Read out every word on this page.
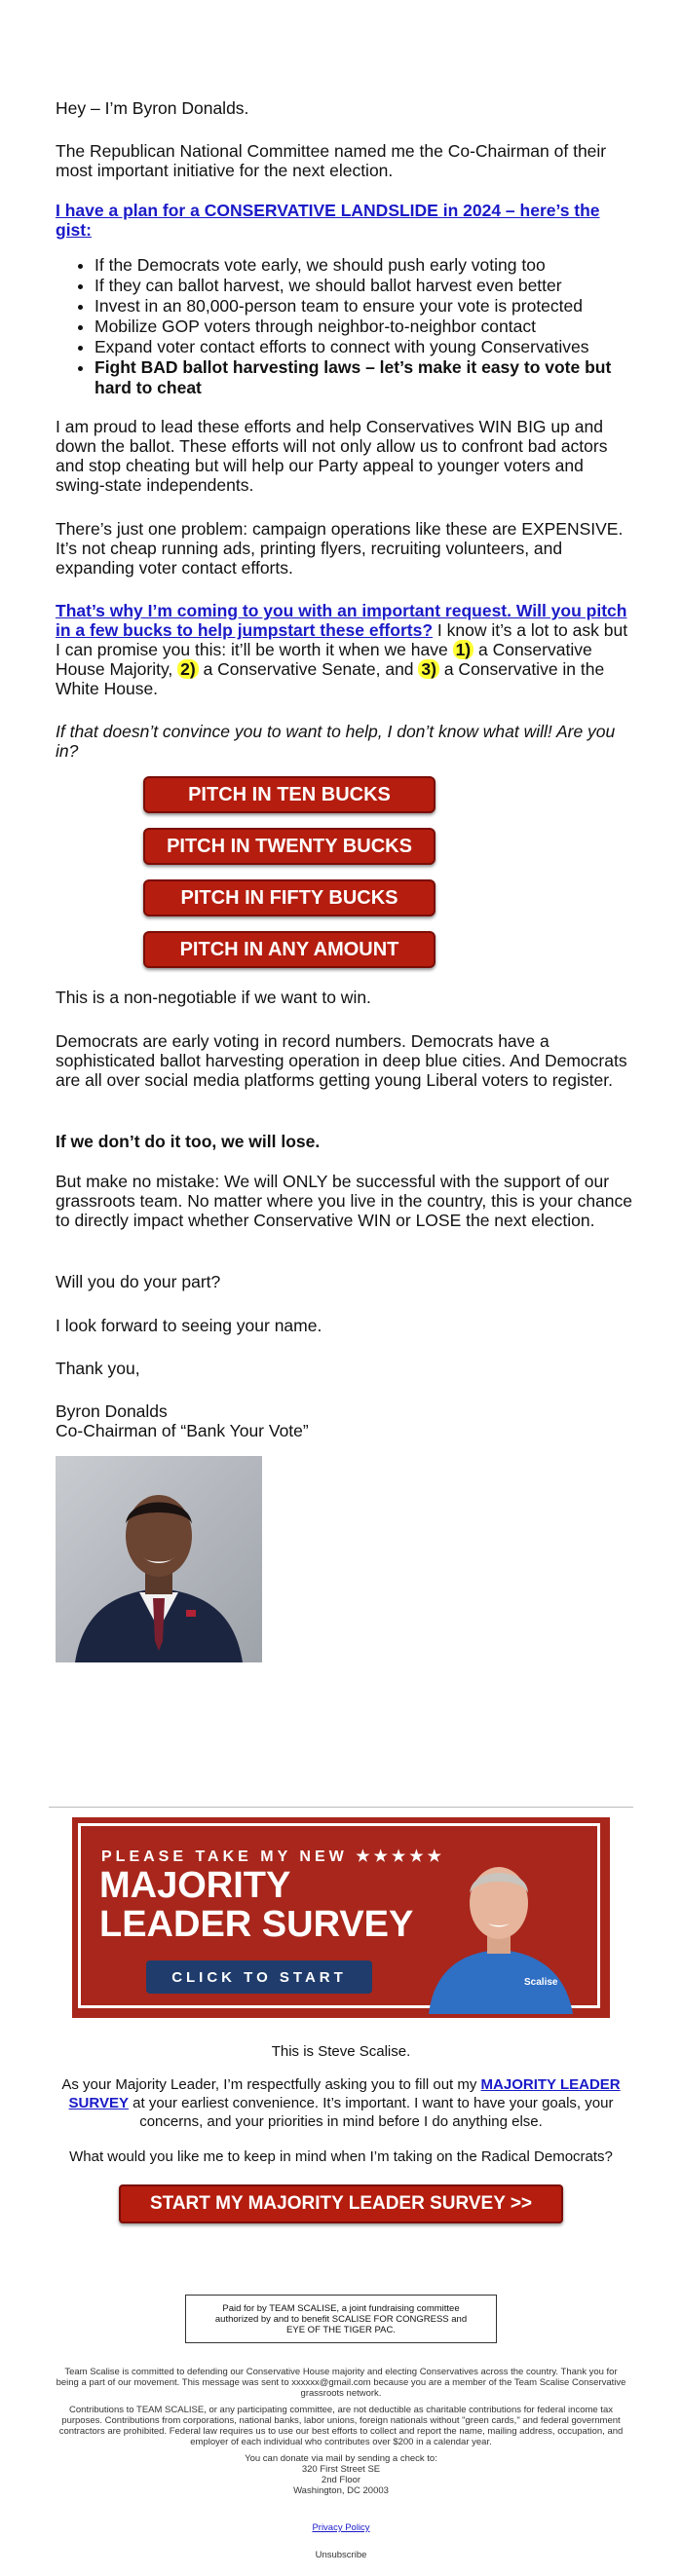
Hey – I’m Byron Donalds.

The Republican National Committee named me the Co-Chairman of their most important initiative for the next election.

I have a plan for a CONSERVATIVE LANDSLIDE in 2024 – here’s the gist:
• If the Democrats vote early, we should push early voting too
• If they can ballot harvest, we should ballot harvest even better
• Invest in an 80,000-person team to ensure your vote is protected
• Mobilize GOP voters through neighbor-to-neighbor contact
• Expand voter contact efforts to connect with young Conservatives
• Fight BAD ballot harvesting laws – let’s make it easy to vote but hard to cheat

I am proud to lead these efforts and help Conservatives WIN BIG up and down the ballot. These efforts will not only allow us to confront bad actors and stop cheating but will help our Party appeal to younger voters and swing-state independents.

There’s just one problem: campaign operations like these are EXPENSIVE. It’s not cheap running ads, printing flyers, recruiting volunteers, and expanding voter contact efforts.

That’s why I’m coming to you with an important request. Will you pitch in a few bucks to help jumpstart these efforts? I know it’s a lot to ask but I can promise you this: it’ll be worth it when we have 1) a Conservative House Majority, 2) a Conservative Senate, and 3) a Conservative in the White House.

If that doesn’t convince you to want to help, I don’t know what will! Are you in?

PITCH IN TEN BUCKS
PITCH IN TWENTY BUCKS
PITCH IN FIFTY BUCKS
PITCH IN ANY AMOUNT

This is a non-negotiable if we want to win.

Democrats are early voting in record numbers. Democrats have a sophisticated ballot harvesting operation in deep blue cities. And Democrats are all over social media platforms getting young Liberal voters to register.

If we don’t do it too, we will lose.

But make no mistake: We will ONLY be successful with the support of our grassroots team. No matter where you live in the country, this is your chance to directly impact whether Conservative WIN or LOSE the next election.

Will you do your part?

I look forward to seeing your name.

Thank you,

Byron Donalds
Co-Chairman of “Bank Your Vote”

PLEASE TAKE MY NEW ★★★★★
MAJORITY
LEADER SURVEY
CLICK TO START	Scalise

This is Steve Scalise.

As your Majority Leader, I’m respectfully asking you to fill out my MAJORITY LEADER SURVEY at your earliest convenience. It’s important. I want to have your goals, your concerns, and your priorities in mind before I do anything else.

What would you like me to keep in mind when I’m taking on the Radical Democrats?

START MY MAJORITY LEADER SURVEY >>
Paid for by TEAM SCALISE, a joint fundraising committee authorized by and to benefit SCALISE FOR CONGRESS and EYE OF THE TIGER PAC.
Team Scalise is committed to defending our Conservative House majority and electing Conservatives across the country. Thank you for being a part of our movement. This message was sent to xxxxxx@gmail.com because you are a member of the Team Scalise Conservative grassroots network.
Contributions to TEAM SCALISE, or any participating committee, are not deductible as charitable contributions for federal income tax purposes. Contributions from corporations, national banks, labor unions, foreign nationals without "green cards," and federal government contractors are prohibited. Federal law requires us to use our best efforts to collect and report the name, mailing address, occupation, and employer of each individual who contributes over $200 in a calendar year.
You can donate via mail by sending a check to:
320 First Street SE
2nd Floor
Washington, DC 20003
Privacy Policy
Unsubscribe
